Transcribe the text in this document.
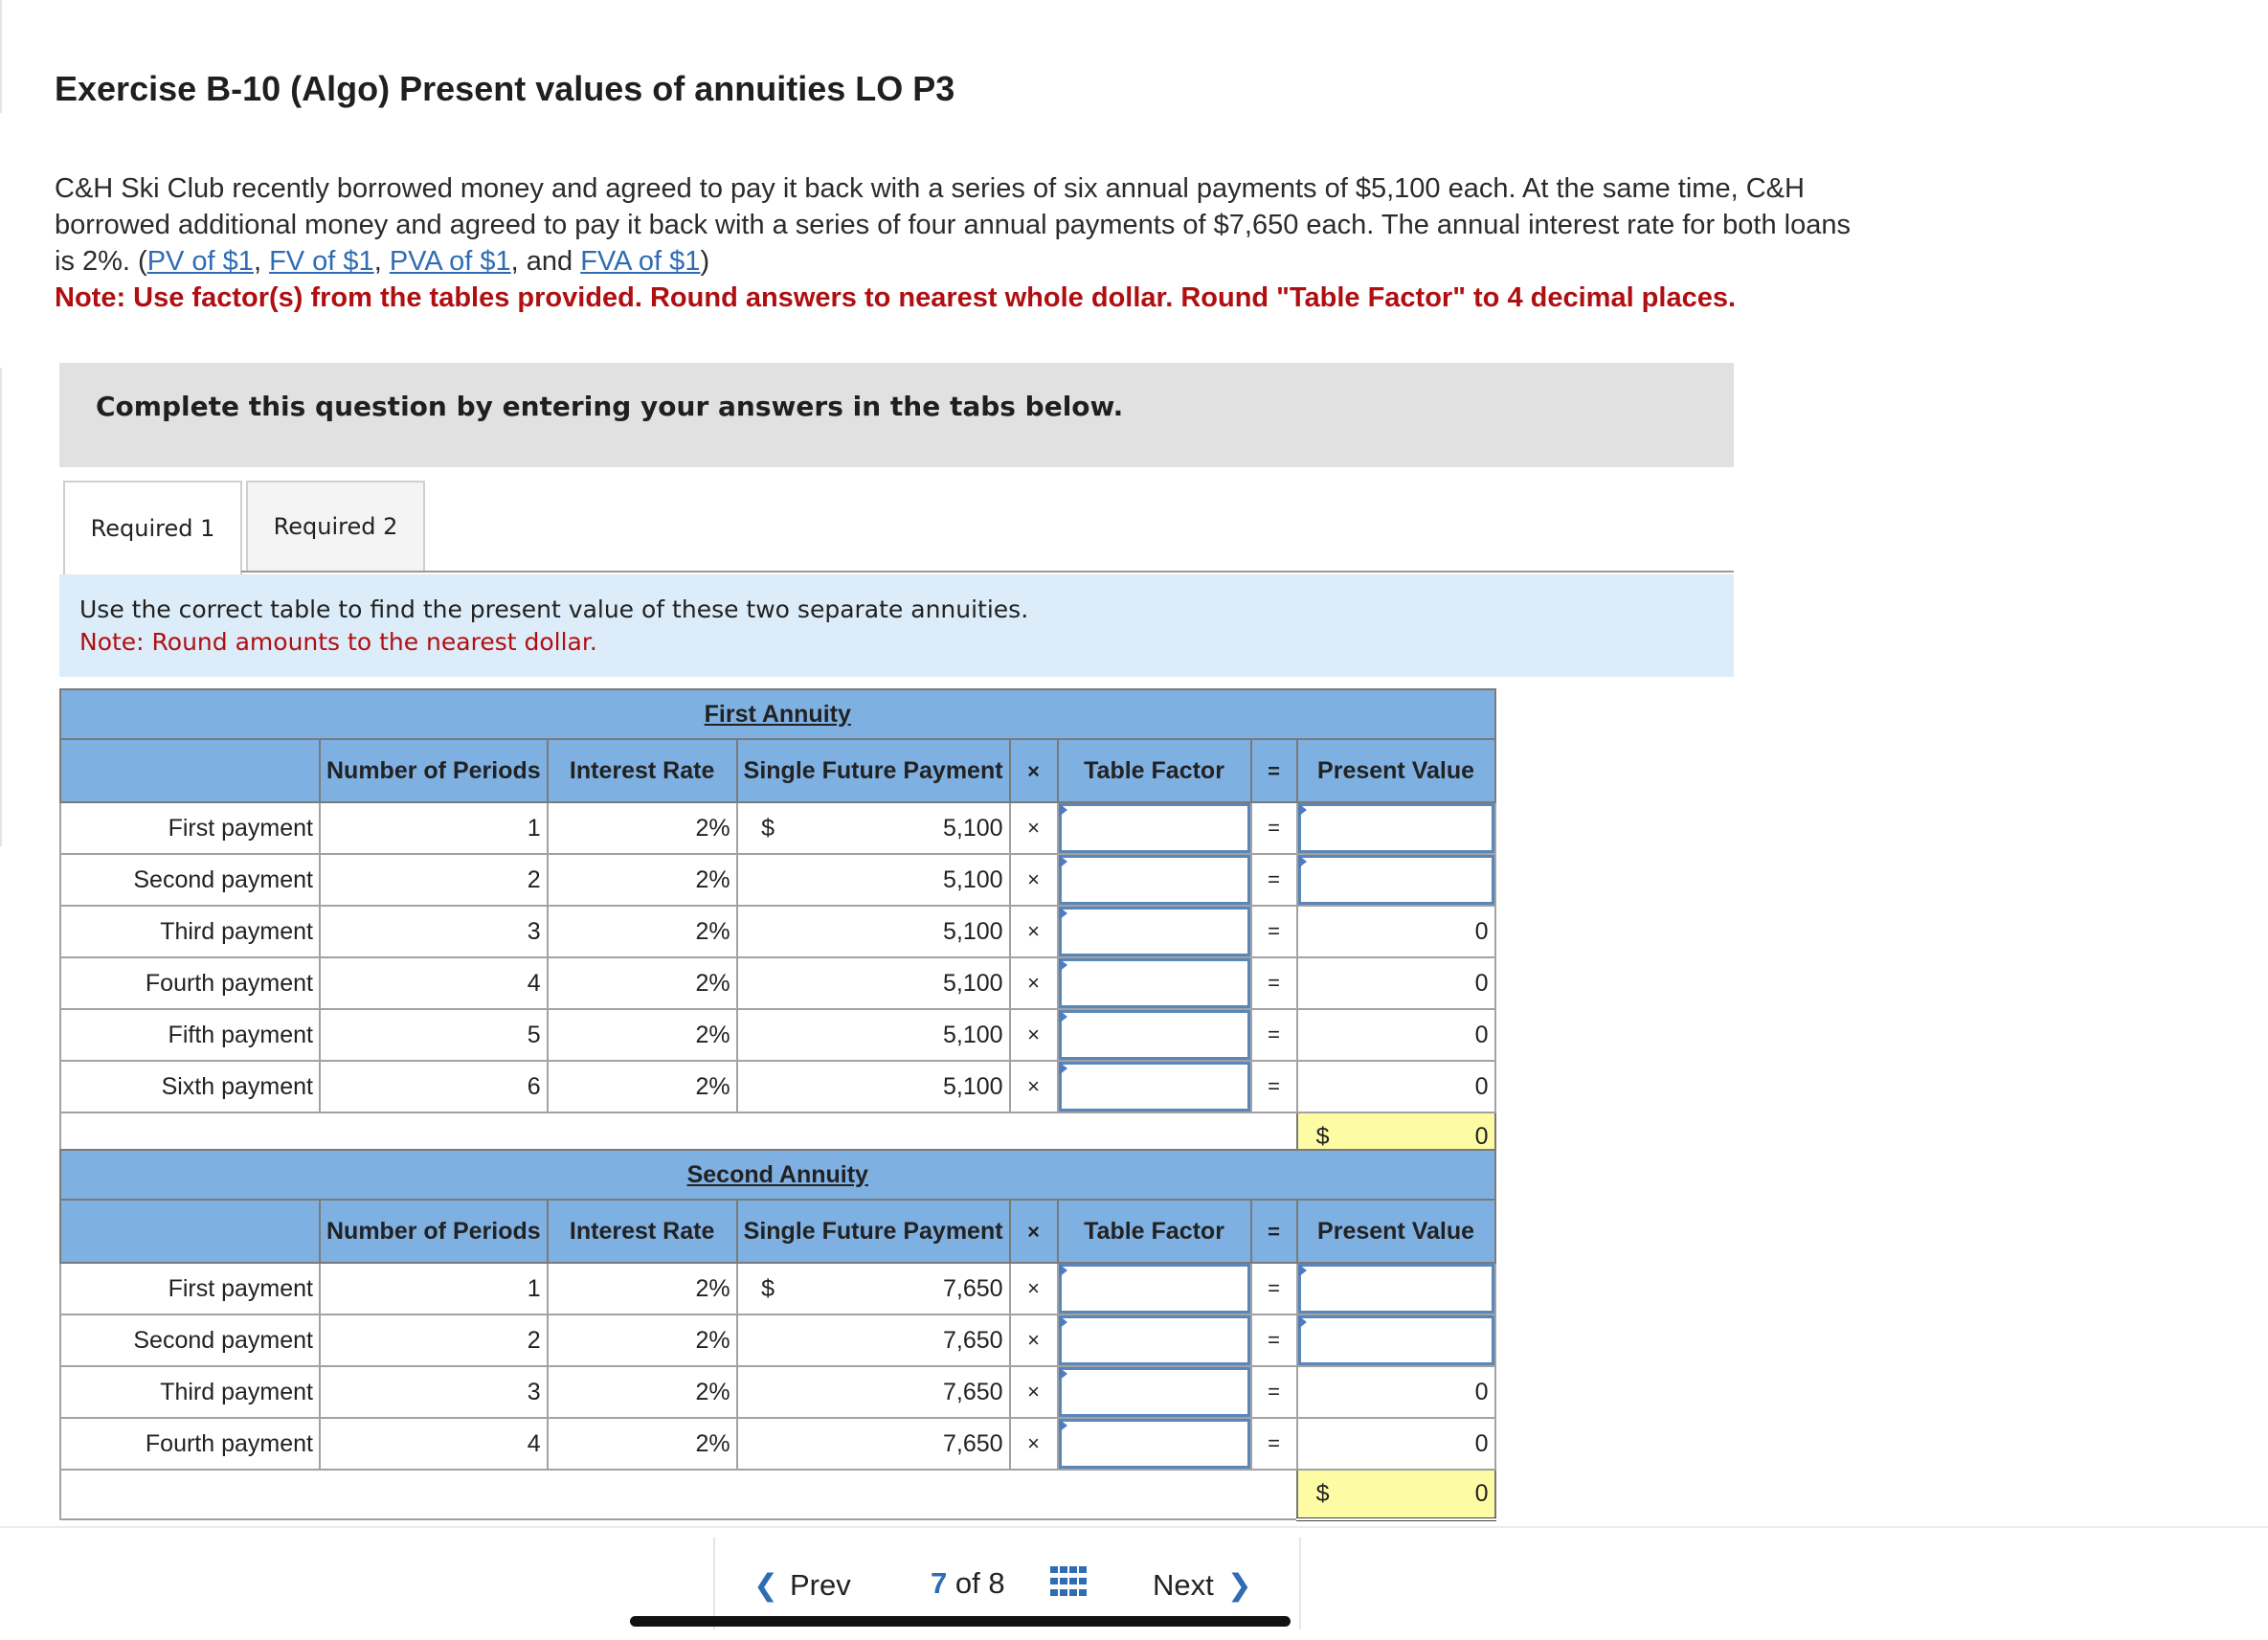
Exercise B-10 (Algo) Present values of annuities LO P3
C&H Ski Club recently borrowed money and agreed to pay it back with a series of six annual payments of $5,100 each. At the same time, C&H borrowed additional money and agreed to pay it back with a series of four annual payments of $7,650 each. The annual interest rate for both loans is 2%. (PV of $1, FV of $1, PVA of $1, and FVA of $1)
Note: Use factor(s) from the tables provided. Round answers to nearest whole dollar. Round "Table Factor" to 4 decimal places.
Complete this question by entering your answers in the tabs below.
Required 1	Required 2
Use the correct table to find the present value of these two separate annuities.
Note: Round amounts to the nearest dollar.
First Annuity								
	Number of Periods	Interest Rate	Single Future Payment		×	Table Factor	=	Present Value
First payment	1	2%	$	5,100	×		=	

Second payment	2	2%		5,100	×		=	

Third payment	3	2%		5,100	×		=	0
Fourth payment	4	2%		5,100	×		=	0
Fifth payment	5	2%		5,100	×		=	0
Sixth payment	6	2%		5,100	×		=	0
								$ 0
Second Annuity								
	Number of Periods	Interest Rate	Single Future Payment		×	Table Factor	=	Present Value
First payment	1	2%	$	7,650	×		=	

Second payment	2	2%		7,650	×		=	

Third payment	3	2%		7,650	×		=	0
Fourth payment	4	2%		7,650	×		=	0
								$ 0
❮ Prev	7 of 8	Next ❯
